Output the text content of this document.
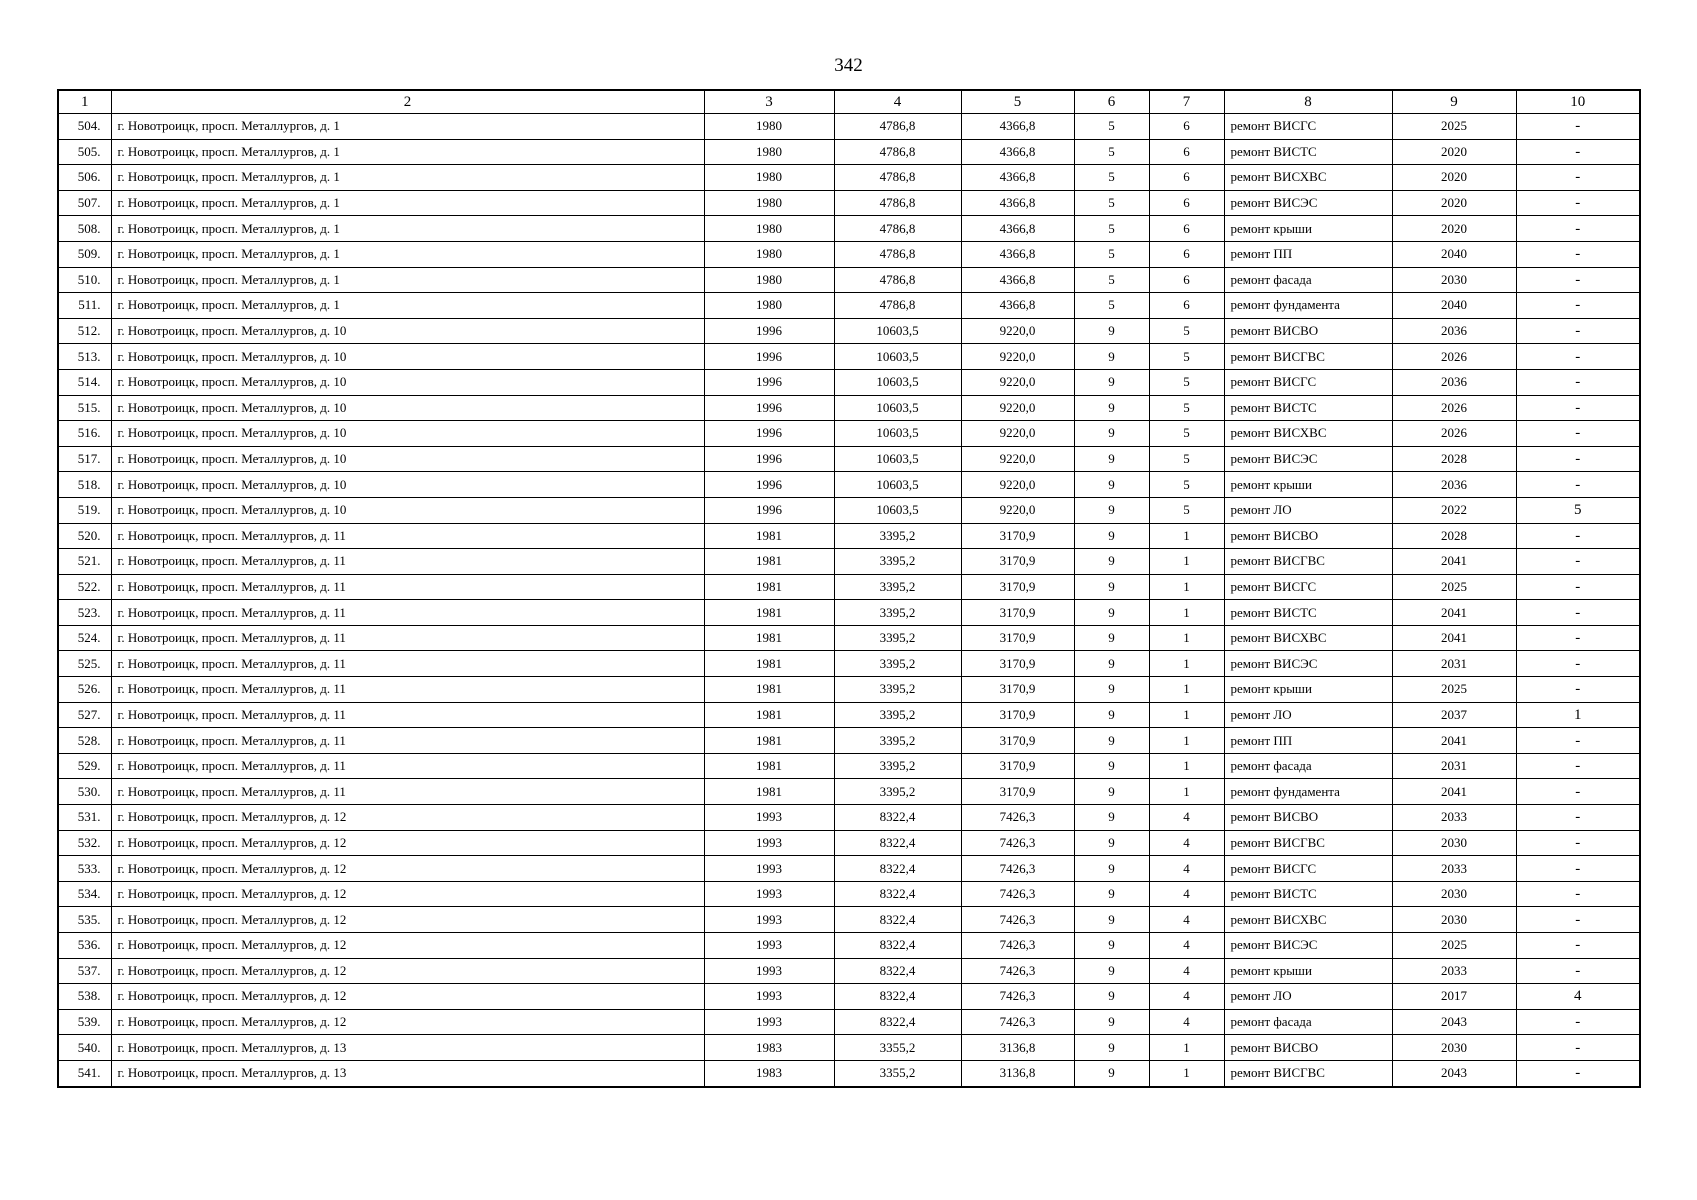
342
1	2	3	4	5	6	7	8	9	10
504.	г. Новотроицк, просп. Металлургов, д. 1	1980	4786,8	4366,8	5	6	ремонт ВИСГС	2025	-
505.	г. Новотроицк, просп. Металлургов, д. 1	1980	4786,8	4366,8	5	6	ремонт ВИСТС	2020	-
506.	г. Новотроицк, просп. Металлургов, д. 1	1980	4786,8	4366,8	5	6	ремонт ВИСХВС	2020	-
507.	г. Новотроицк, просп. Металлургов, д. 1	1980	4786,8	4366,8	5	6	ремонт ВИСЭС	2020	-
508.	г. Новотроицк, просп. Металлургов, д. 1	1980	4786,8	4366,8	5	6	ремонт крыши	2020	-
509.	г. Новотроицк, просп. Металлургов, д. 1	1980	4786,8	4366,8	5	6	ремонт ПП	2040	-
510.	г. Новотроицк, просп. Металлургов, д. 1	1980	4786,8	4366,8	5	6	ремонт фасада	2030	-
511.	г. Новотроицк, просп. Металлургов, д. 1	1980	4786,8	4366,8	5	6	ремонт фундамента	2040	-
512.	г. Новотроицк, просп. Металлургов, д. 10	1996	10603,5	9220,0	9	5	ремонт ВИСВО	2036	-
513.	г. Новотроицк, просп. Металлургов, д. 10	1996	10603,5	9220,0	9	5	ремонт ВИСГВС	2026	-
514.	г. Новотроицк, просп. Металлургов, д. 10	1996	10603,5	9220,0	9	5	ремонт ВИСГС	2036	-
515.	г. Новотроицк, просп. Металлургов, д. 10	1996	10603,5	9220,0	9	5	ремонт ВИСТС	2026	-
516.	г. Новотроицк, просп. Металлургов, д. 10	1996	10603,5	9220,0	9	5	ремонт ВИСХВС	2026	-
517.	г. Новотроицк, просп. Металлургов, д. 10	1996	10603,5	9220,0	9	5	ремонт ВИСЭС	2028	-
518.	г. Новотроицк, просп. Металлургов, д. 10	1996	10603,5	9220,0	9	5	ремонт крыши	2036	-
519.	г. Новотроицк, просп. Металлургов, д. 10	1996	10603,5	9220,0	9	5	ремонт ЛО	2022	5
520.	г. Новотроицк, просп. Металлургов, д. 11	1981	3395,2	3170,9	9	1	ремонт ВИСВО	2028	-
521.	г. Новотроицк, просп. Металлургов, д. 11	1981	3395,2	3170,9	9	1	ремонт ВИСГВС	2041	-
522.	г. Новотроицк, просп. Металлургов, д. 11	1981	3395,2	3170,9	9	1	ремонт ВИСГС	2025	-
523.	г. Новотроицк, просп. Металлургов, д. 11	1981	3395,2	3170,9	9	1	ремонт ВИСТС	2041	-
524.	г. Новотроицк, просп. Металлургов, д. 11	1981	3395,2	3170,9	9	1	ремонт ВИСХВС	2041	-
525.	г. Новотроицк, просп. Металлургов, д. 11	1981	3395,2	3170,9	9	1	ремонт ВИСЭС	2031	-
526.	г. Новотроицк, просп. Металлургов, д. 11	1981	3395,2	3170,9	9	1	ремонт крыши	2025	-
527.	г. Новотроицк, просп. Металлургов, д. 11	1981	3395,2	3170,9	9	1	ремонт ЛО	2037	1
528.	г. Новотроицк, просп. Металлургов, д. 11	1981	3395,2	3170,9	9	1	ремонт ПП	2041	-
529.	г. Новотроицк, просп. Металлургов, д. 11	1981	3395,2	3170,9	9	1	ремонт фасада	2031	-
530.	г. Новотроицк, просп. Металлургов, д. 11	1981	3395,2	3170,9	9	1	ремонт фундамента	2041	-
531.	г. Новотроицк, просп. Металлургов, д. 12	1993	8322,4	7426,3	9	4	ремонт ВИСВО	2033	-
532.	г. Новотроицк, просп. Металлургов, д. 12	1993	8322,4	7426,3	9	4	ремонт ВИСГВС	2030	-
533.	г. Новотроицк, просп. Металлургов, д. 12	1993	8322,4	7426,3	9	4	ремонт ВИСГС	2033	-
534.	г. Новотроицк, просп. Металлургов, д. 12	1993	8322,4	7426,3	9	4	ремонт ВИСТС	2030	-
535.	г. Новотроицк, просп. Металлургов, д. 12	1993	8322,4	7426,3	9	4	ремонт ВИСХВС	2030	-
536.	г. Новотроицк, просп. Металлургов, д. 12	1993	8322,4	7426,3	9	4	ремонт ВИСЭС	2025	-
537.	г. Новотроицк, просп. Металлургов, д. 12	1993	8322,4	7426,3	9	4	ремонт крыши	2033	-
538.	г. Новотроицк, просп. Металлургов, д. 12	1993	8322,4	7426,3	9	4	ремонт ЛО	2017	4
539.	г. Новотроицк, просп. Металлургов, д. 12	1993	8322,4	7426,3	9	4	ремонт фасада	2043	-
540.	г. Новотроицк, просп. Металлургов, д. 13	1983	3355,2	3136,8	9	1	ремонт ВИСВО	2030	-
541.	г. Новотроицк, просп. Металлургов, д. 13	1983	3355,2	3136,8	9	1	ремонт ВИСГВС	2043	-
